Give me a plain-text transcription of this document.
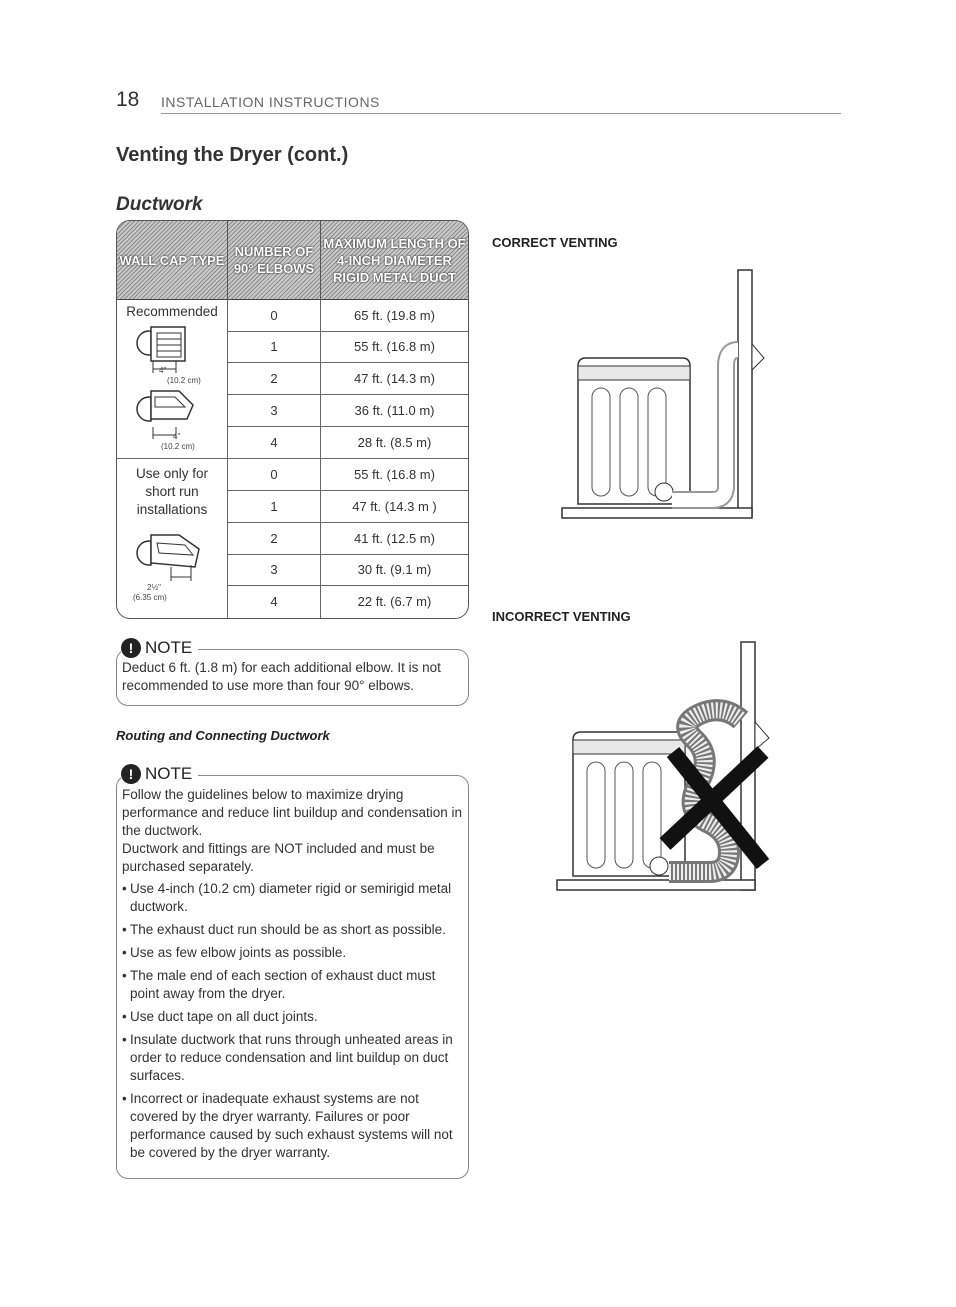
18 INSTALLATION INSTRUCTIONS
Venting the Dryer (cont.)
Ductwork
WALL CAP TYPE
NUMBER OF 90° ELBOWS
MAXIMUM LENGTH OF 4-INCH DIAMETER RIGID METAL DUCT
Recommended
4"
(10.2 cm)
4"
(10.2 cm)
0	65 ft. (19.8 m)
1	55 ft. (16.8 m)
2	47 ft. (14.3 m)
3	36 ft. (11.0 m)
4	28 ft. (8.5 m)
Use only for short run installations
2½"
(6.35 cm)
0	55 ft. (16.8 m)
1	47 ft. (14.3 m )
2	41 ft. (12.5 m)
3	30 ft. (9.1 m)
4	22 ft. (6.7 m)
! NOTE
Deduct 6 ft. (1.8 m) for each additional elbow. It is not recommended to use more than four 90° elbows.
Routing and Connecting Ductwork
! NOTE
Follow the guidelines below to maximize drying performance and reduce lint buildup and condensation in the ductwork.
Ductwork and fittings are NOT included and must be purchased separately.
• Use 4-inch (10.2 cm) diameter rigid or semirigid metal ductwork.
• The exhaust duct run should be as short as possible.
• Use as few elbow joints as possible.
• The male end of each section of exhaust duct must point away from the dryer.
• Use duct tape on all duct joints.
• Insulate ductwork that runs through unheated areas in order to reduce condensation and lint buildup on duct surfaces.
• Incorrect or inadequate exhaust systems are not covered by the dryer warranty. Failures or poor performance caused by such exhaust systems will not be covered by the dryer warranty.
CORRECT VENTING
INCORRECT VENTING
